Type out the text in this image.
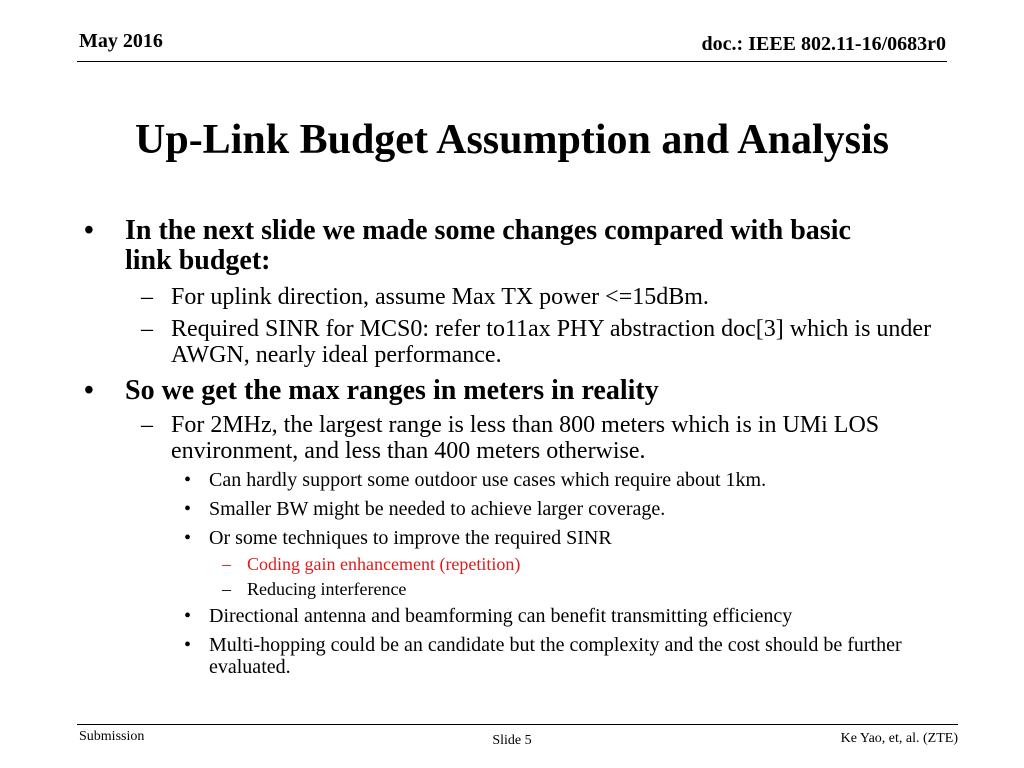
May 2016	doc.: IEEE 802.11-16/0683r0
Up-Link Budget Assumption and Analysis
• In the next slide we made some changes compared with basic link budget:
– For uplink direction, assume Max TX power <=15dBm.
– Required SINR for MCS0: refer to11ax PHY abstraction doc[3] which is under AWGN, nearly ideal performance.
• So we get the max ranges in meters in reality
– For 2MHz, the largest range is less than 800 meters which is in UMi LOS environment, and less than 400 meters otherwise.
• Can hardly support some outdoor use cases which require about 1km.
• Smaller BW might be needed to achieve larger coverage.
• Or some techniques to improve the required SINR
– Coding gain enhancement (repetition)
– Reducing interference
• Directional antenna and beamforming can benefit transmitting efficiency
• Multi-hopping could be an candidate but the complexity and the cost should be further evaluated.
Submission	Slide 5	Ke Yao, et, al. (ZTE)
